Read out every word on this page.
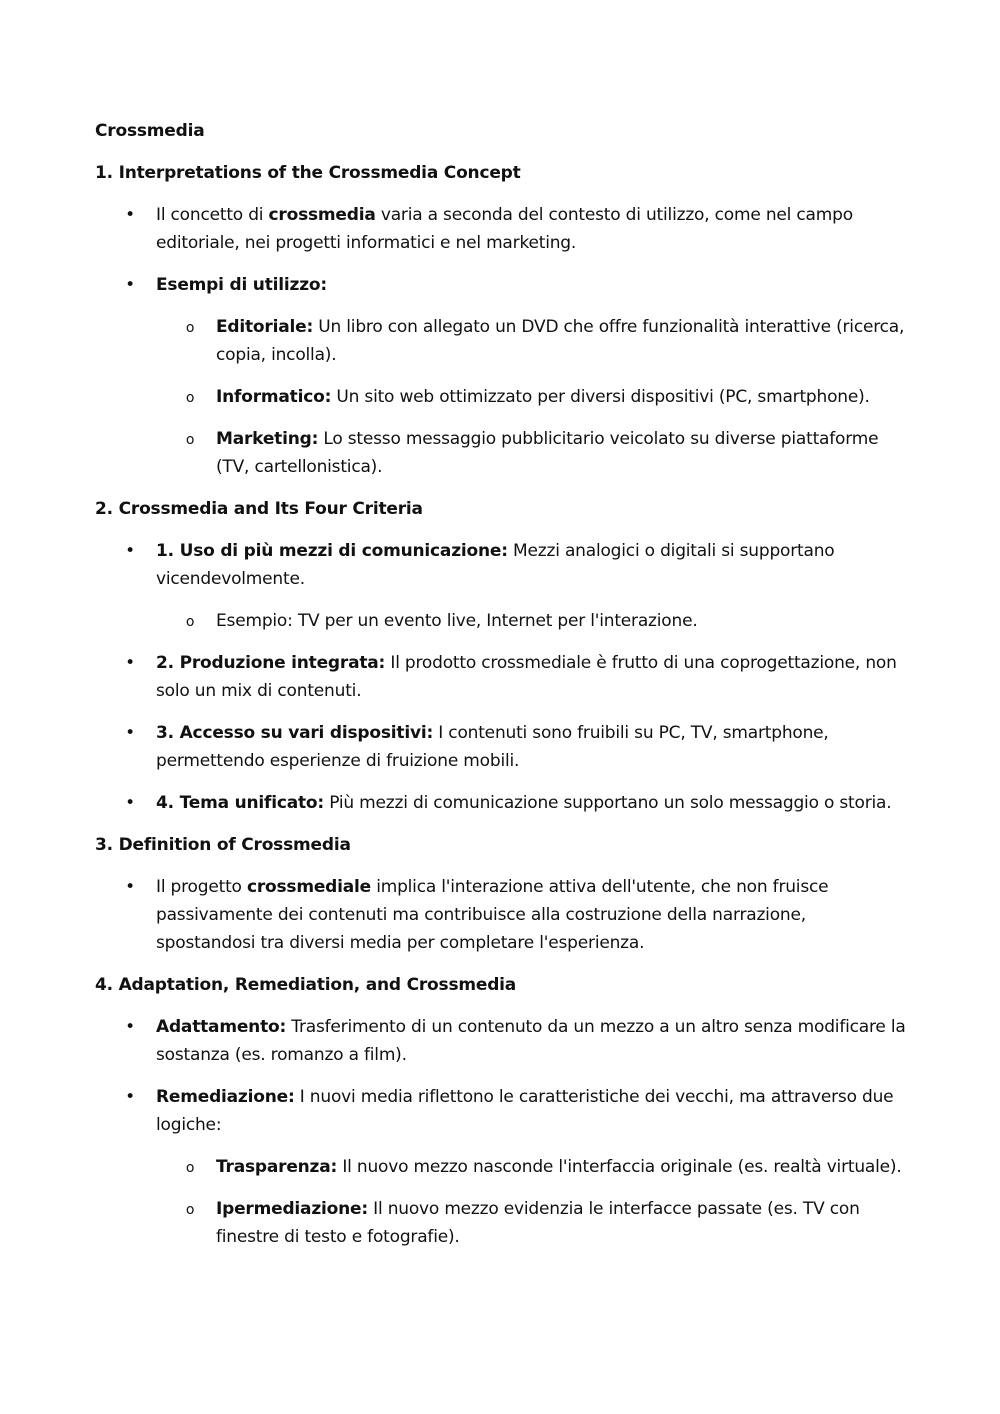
Crossmedia
1. Interpretations of the Crossmedia Concept
• Il concetto di crossmedia varia a seconda del contesto di utilizzo, come nel campo editoriale, nei progetti informatici e nel marketing.
• Esempi di utilizzo:
o Editoriale: Un libro con allegato un DVD che offre funzionalità interattive (ricerca, copia, incolla).
o Informatico: Un sito web ottimizzato per diversi dispositivi (PC, smartphone).
o Marketing: Lo stesso messaggio pubblicitario veicolato su diverse piattaforme (TV, cartellonistica).
2. Crossmedia and Its Four Criteria
• 1. Uso di più mezzi di comunicazione: Mezzi analogici o digitali si supportano vicendevolmente.
o Esempio: TV per un evento live, Internet per l'interazione.
• 2. Produzione integrata: Il prodotto crossmediale è frutto di una coprogettazione, non solo un mix di contenuti.
• 3. Accesso su vari dispositivi: I contenuti sono fruibili su PC, TV, smartphone, permettendo esperienze di fruizione mobili.
• 4. Tema unificato: Più mezzi di comunicazione supportano un solo messaggio o storia.
3. Definition of Crossmedia
• Il progetto crossmediale implica l'interazione attiva dell'utente, che non fruisce passivamente dei contenuti ma contribuisce alla costruzione della narrazione, spostandosi tra diversi media per completare l'esperienza.
4. Adaptation, Remediation, and Crossmedia
• Adattamento: Trasferimento di un contenuto da un mezzo a un altro senza modificare la sostanza (es. romanzo a film).
• Remediazione: I nuovi media riflettono le caratteristiche dei vecchi, ma attraverso due logiche:
o Trasparenza: Il nuovo mezzo nasconde l'interfaccia originale (es. realtà virtuale).
o Ipermediazione: Il nuovo mezzo evidenzia le interfacce passate (es. TV con finestre di testo e fotografie).
